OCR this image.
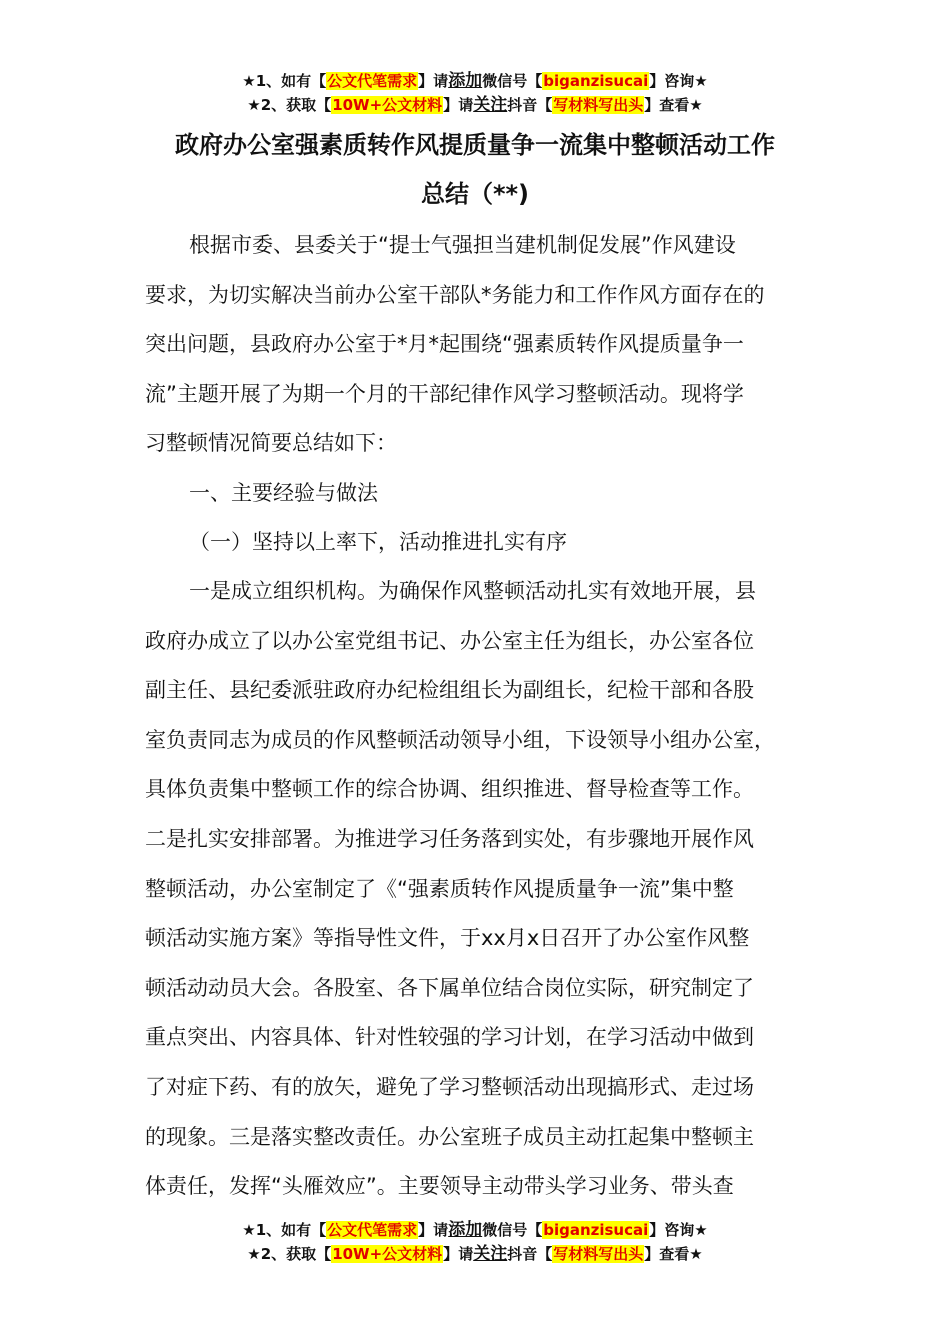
★1、如有【公文代笔需求】请添加微信号【biganzisucai】咨询★
★2、获取【10W+公文材料】请关注抖音【写材料写出头】查看★
政府办公室强素质转作风提质量争一流集中整顿活动工作
总结（**)
根据市委、县委关于“提士气强担当建机制促发展”作风建设
要求，为切实解决当前办公室干部队*务能力和工作作风方面存在的
突出问题，县政府办公室于*月*起围绕“强素质转作风提质量争一
流”主题开展了为期一个月的干部纪律作风学习整顿活动。现将学
习整顿情况简要总结如下：
一、主要经验与做法
（一）坚持以上率下，活动推进扎实有序
一是成立组织机构。为确保作风整顿活动扎实有效地开展，县
政府办成立了以办公室党组书记、办公室主任为组长，办公室各位
副主任、县纪委派驻政府办纪检组组长为副组长，纪检干部和各股
室负责同志为成员的作风整顿活动领导小组，下设领导小组办公室，
具体负责集中整顿工作的综合协调、组织推进、督导检查等工作。
二是扎实安排部署。为推进学习任务落到实处，有步骤地开展作风
整顿活动，办公室制定了《“强素质转作风提质量争一流”集中整
顿活动实施方案》等指导性文件，于xx月x日召开了办公室作风整
顿活动动员大会。各股室、各下属单位结合岗位实际，研究制定了
重点突出、内容具体、针对性较强的学习计划，在学习活动中做到
了对症下药、有的放矢，避免了学习整顿活动出现搞形式、走过场
的现象。三是落实整改责任。办公室班子成员主动扛起集中整顿主
体责任，发挥“头雁效应”。主要领导主动带头学习业务、带头查
★1、如有【公文代笔需求】请添加微信号【biganzisucai】咨询★
★2、获取【10W+公文材料】请关注抖音【写材料写出头】查看★
